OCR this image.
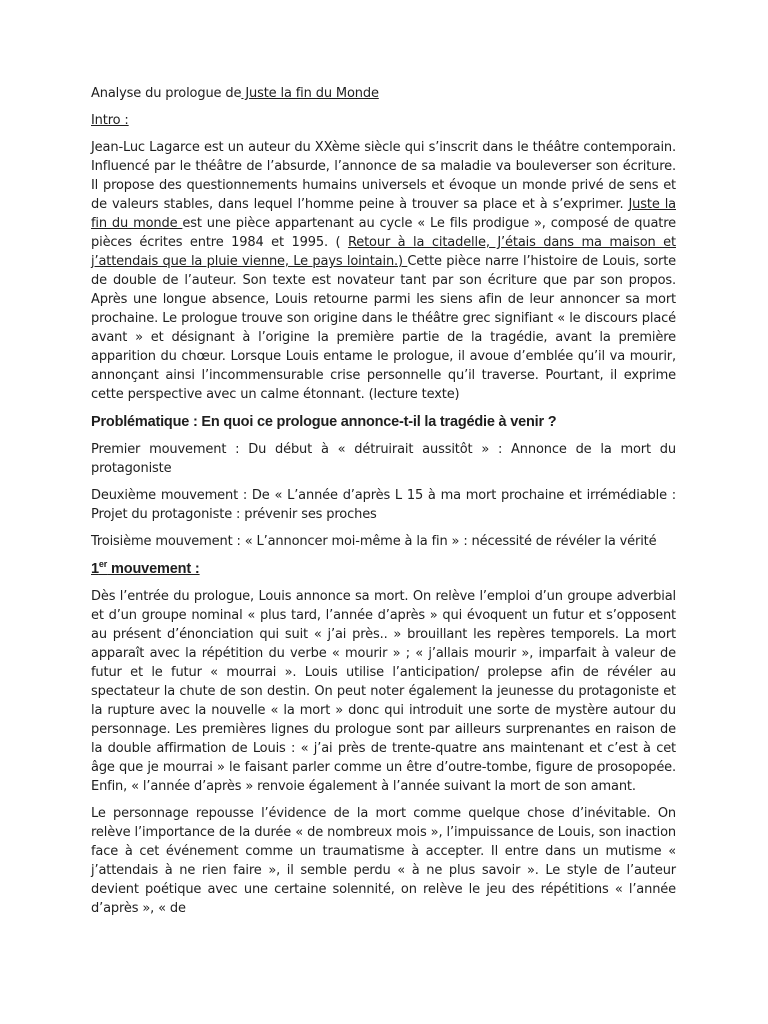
Analyse du prologue de Juste la fin du Monde
Intro :

Jean-Luc Lagarce est un auteur du XXème siècle qui s’inscrit dans le théâtre contemporain. Influencé par le théâtre de l’absurde, l’annonce de sa maladie va bouleverser son écriture. Il propose des questionnements humains universels et évoque un monde privé de sens et de valeurs stables, dans lequel l’homme peine à trouver sa place et à s’exprimer. Juste la fin du monde est une pièce appartenant au cycle « Le fils prodigue », composé de quatre pièces écrites entre 1984 et 1995. ( Retour à la citadelle, J’étais dans ma maison et j’attendais que la pluie vienne, Le pays lointain.) Cette pièce narre l’histoire de Louis, sorte de double de l’auteur. Son texte est novateur tant par son écriture que par son propos. Après une longue absence, Louis retourne parmi les siens afin de leur annoncer sa mort prochaine. Le prologue trouve son origine dans le théâtre grec signifiant « le discours placé avant » et désignant à l’origine la première partie de la tragédie, avant la première apparition du chœur. Lorsque Louis entame le prologue, il avoue d’emblée qu’il va mourir, annonçant ainsi l’incommensurable crise personnelle qu’il traverse. Pourtant, il exprime cette perspective avec un calme étonnant. (lecture texte)

Problématique : En quoi ce prologue annonce-t-il la tragédie à venir ?

Premier mouvement : Du début à « détruirait aussitôt » : Annonce de la mort du protagoniste

Deuxième mouvement : De « L’année d’après L 15 à ma mort prochaine et irrémédiable : Projet du protagoniste : prévenir ses proches

Troisième mouvement : « L’annoncer moi-même à la fin » : nécessité de révéler la vérité

1er mouvement :

Dès l’entrée du prologue, Louis annonce sa mort. On relève l’emploi d’un groupe adverbial et d’un groupe nominal « plus tard, l’année d’après » qui évoquent un futur et s’opposent au présent d’énonciation qui suit « j’ai près.. » brouillant les repères temporels. La mort apparaît avec la répétition du verbe « mourir » ; « j’allais mourir », imparfait à valeur de futur et le futur « mourrai ». Louis utilise l’anticipation/ prolepse afin de révéler au spectateur la chute de son destin. On peut noter également la jeunesse du protagoniste et la rupture avec la nouvelle « la mort » donc qui introduit une sorte de mystère autour du personnage. Les premières lignes du prologue sont par ailleurs surprenantes en raison de la double affirmation de Louis : « j’ai près de trente-quatre ans maintenant et c’est à cet âge que je mourrai » le faisant parler comme un être d’outre-tombe, figure de prosopopée. Enfin, « l’année d’après » renvoie également à l’année suivant la mort de son amant.

Le personnage repousse l’évidence de la mort comme quelque chose d’inévitable. On relève l’importance de la durée « de nombreux mois », l’impuissance de Louis, son inaction face à cet événement comme un traumatisme à accepter. Il entre dans un mutisme « j’attendais à ne rien faire », il semble perdu « à ne plus savoir ». Le style de l’auteur devient poétique avec une certaine solennité, on relève le jeu des répétitions « l’année d’après », « de
